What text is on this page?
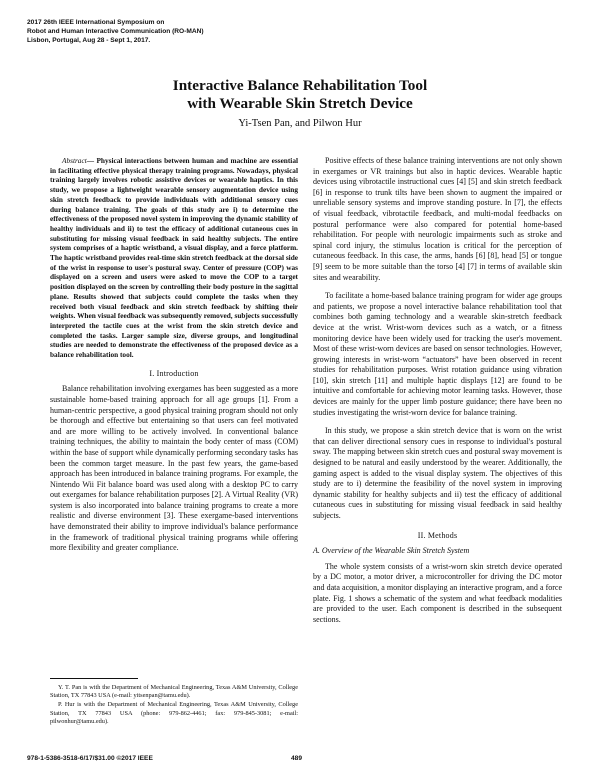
2017 26th IEEE International Symposium on
Robot and Human Interactive Communication (RO-MAN)
Lisbon, Portugal, Aug 28 - Sept 1, 2017.
Interactive Balance Rehabilitation Tool
with Wearable Skin Stretch Device
Yi-Tsen Pan, and Pilwon Hur

Abstract— Physical interactions between human and machine are essential in facilitating effective physical therapy training programs. Nowadays, physical training largely involves robotic assistive devices or wearable haptics. In this study, we propose a lightweight wearable sensory augmentation device using skin stretch feedback to provide individuals with additional sensory cues during balance training. The goals of this study are i) to determine the effectiveness of the proposed novel system in improving the dynamic stability of healthy individuals and ii) to test the efficacy of additional cutaneous cues in substituting for missing visual feedback in said healthy subjects. The entire system comprises of a haptic wristband, a visual display, and a force platform. The haptic wristband provides real-time skin stretch feedback at the dorsal side of the wrist in response to user's postural sway. Center of pressure (COP) was displayed on a screen and users were asked to move the COP to a target position displayed on the screen by controlling their body posture in the sagittal plane. Results showed that subjects could complete the tasks when they received both visual feedback and skin stretch feedback by shifting their weights. When visual feedback was subsequently removed, subjects successfully interpreted the tactile cues at the wrist from the skin stretch device and completed the tasks. Larger sample size, diverse groups, and longitudinal studies are needed to demonstrate the effectiveness of the proposed device as a balance rehabilitation tool.

I. Introduction

Balance rehabilitation involving exergames has been suggested as a more sustainable home-based training approach for all age groups [1]. From a human-centric perspective, a good physical training program should not only be thorough and effective but entertaining so that users can feel motivated and are more willing to be actively involved. In conventional balance training techniques, the ability to maintain the body center of mass (COM) within the base of support while dynamically performing secondary tasks has been the common target measure. In the past few years, the game-based approach has been introduced in balance training programs. For example, the Nintendo Wii Fit balance board was used along with a desktop PC to carry out exergames for balance rehabilitation purposes [2]. A Virtual Reality (VR) system is also incorporated into balance training programs to create a more realistic and diverse environment [3]. These exergame-based interventions have demonstrated their ability to improve individual's balance performance in the framework of traditional physical training programs while offering more flexibility and greater compliance.

Positive effects of these balance training interventions are not only shown in exergames or VR trainings but also in haptic devices. Wearable haptic devices using vibrotactile instructional cues [4] [5] and skin stretch feedback [6] in response to trunk tilts have been shown to augment the impaired or unreliable sensory systems and improve standing posture. In [7], the effects of visual feedback, vibrotactile feedback, and multi-modal feedbacks on postural performance were also compared for potential home-based rehabilitation. For people with neurologic impairments such as stroke and spinal cord injury, the stimulus location is critical for the perception of cutaneous feedback. In this case, the arms, hands [6] [8], head [5] or tongue [9] seem to be more suitable than the torso [4] [7] in terms of available skin sites and wearability.

To facilitate a home-based balance training program for wider age groups and patients, we propose a novel interactive balance rehabilitation tool that combines both gaming technology and a wearable skin-stretch feedback device at the wrist. Wrist-worn devices such as a watch, or a fitness monitoring device have been widely used for tracking the user's movement. Most of these wrist-worn devices are based on sensor technologies. However, growing interests in wrist-worn “actuators” have been observed in recent studies for rehabilitation purposes. Wrist rotation guidance using vibration [10], skin stretch [11] and multiple haptic displays [12] are found to be intuitive and comfortable for achieving motor learning tasks. However, those devices are mainly for the upper limb posture guidance; there have been no studies investigating the wrist-worn device for balance training.

In this study, we propose a skin stretch device that is worn on the wrist that can deliver directional sensory cues in response to individual's postural sway. The mapping between skin stretch cues and postural sway movement is designed to be natural and easily understood by the wearer. Additionally, the gaming aspect is added to the visual display system. The objectives of this study are to i) determine the feasibility of the novel system in improving dynamic stability for healthy subjects and ii) test the efficacy of additional cutaneous cues in substituting for missing visual feedback in said healthy subjects.

II. Methods
A. Overview of the Wearable Skin Stretch System

The whole system consists of a wrist-worn skin stretch device operated by a DC motor, a motor driver, a microcontroller for driving the DC motor and data acquisition, a monitor displaying an interactive program, and a force plate. Fig. 1 shows a schematic of the system and what feedback modalities are provided to the user. Each component is described in the subsequent sections.

Y. T. Pan is with the Department of Mechanical Engineering, Texas A&M University, College Station, TX 77843 USA (e-mail: yitsenpan@tamu.edu).

P. Hur is with the Department of Mechanical Engineering, Texas A&M University, College Station, TX 77843 USA (phone: 979-862-4461; fax: 979-845-3081; e-mail: pilwonhur@tamu.edu).

978-1-5386-3518-6/17/$31.00 ©2017 IEEE	489
